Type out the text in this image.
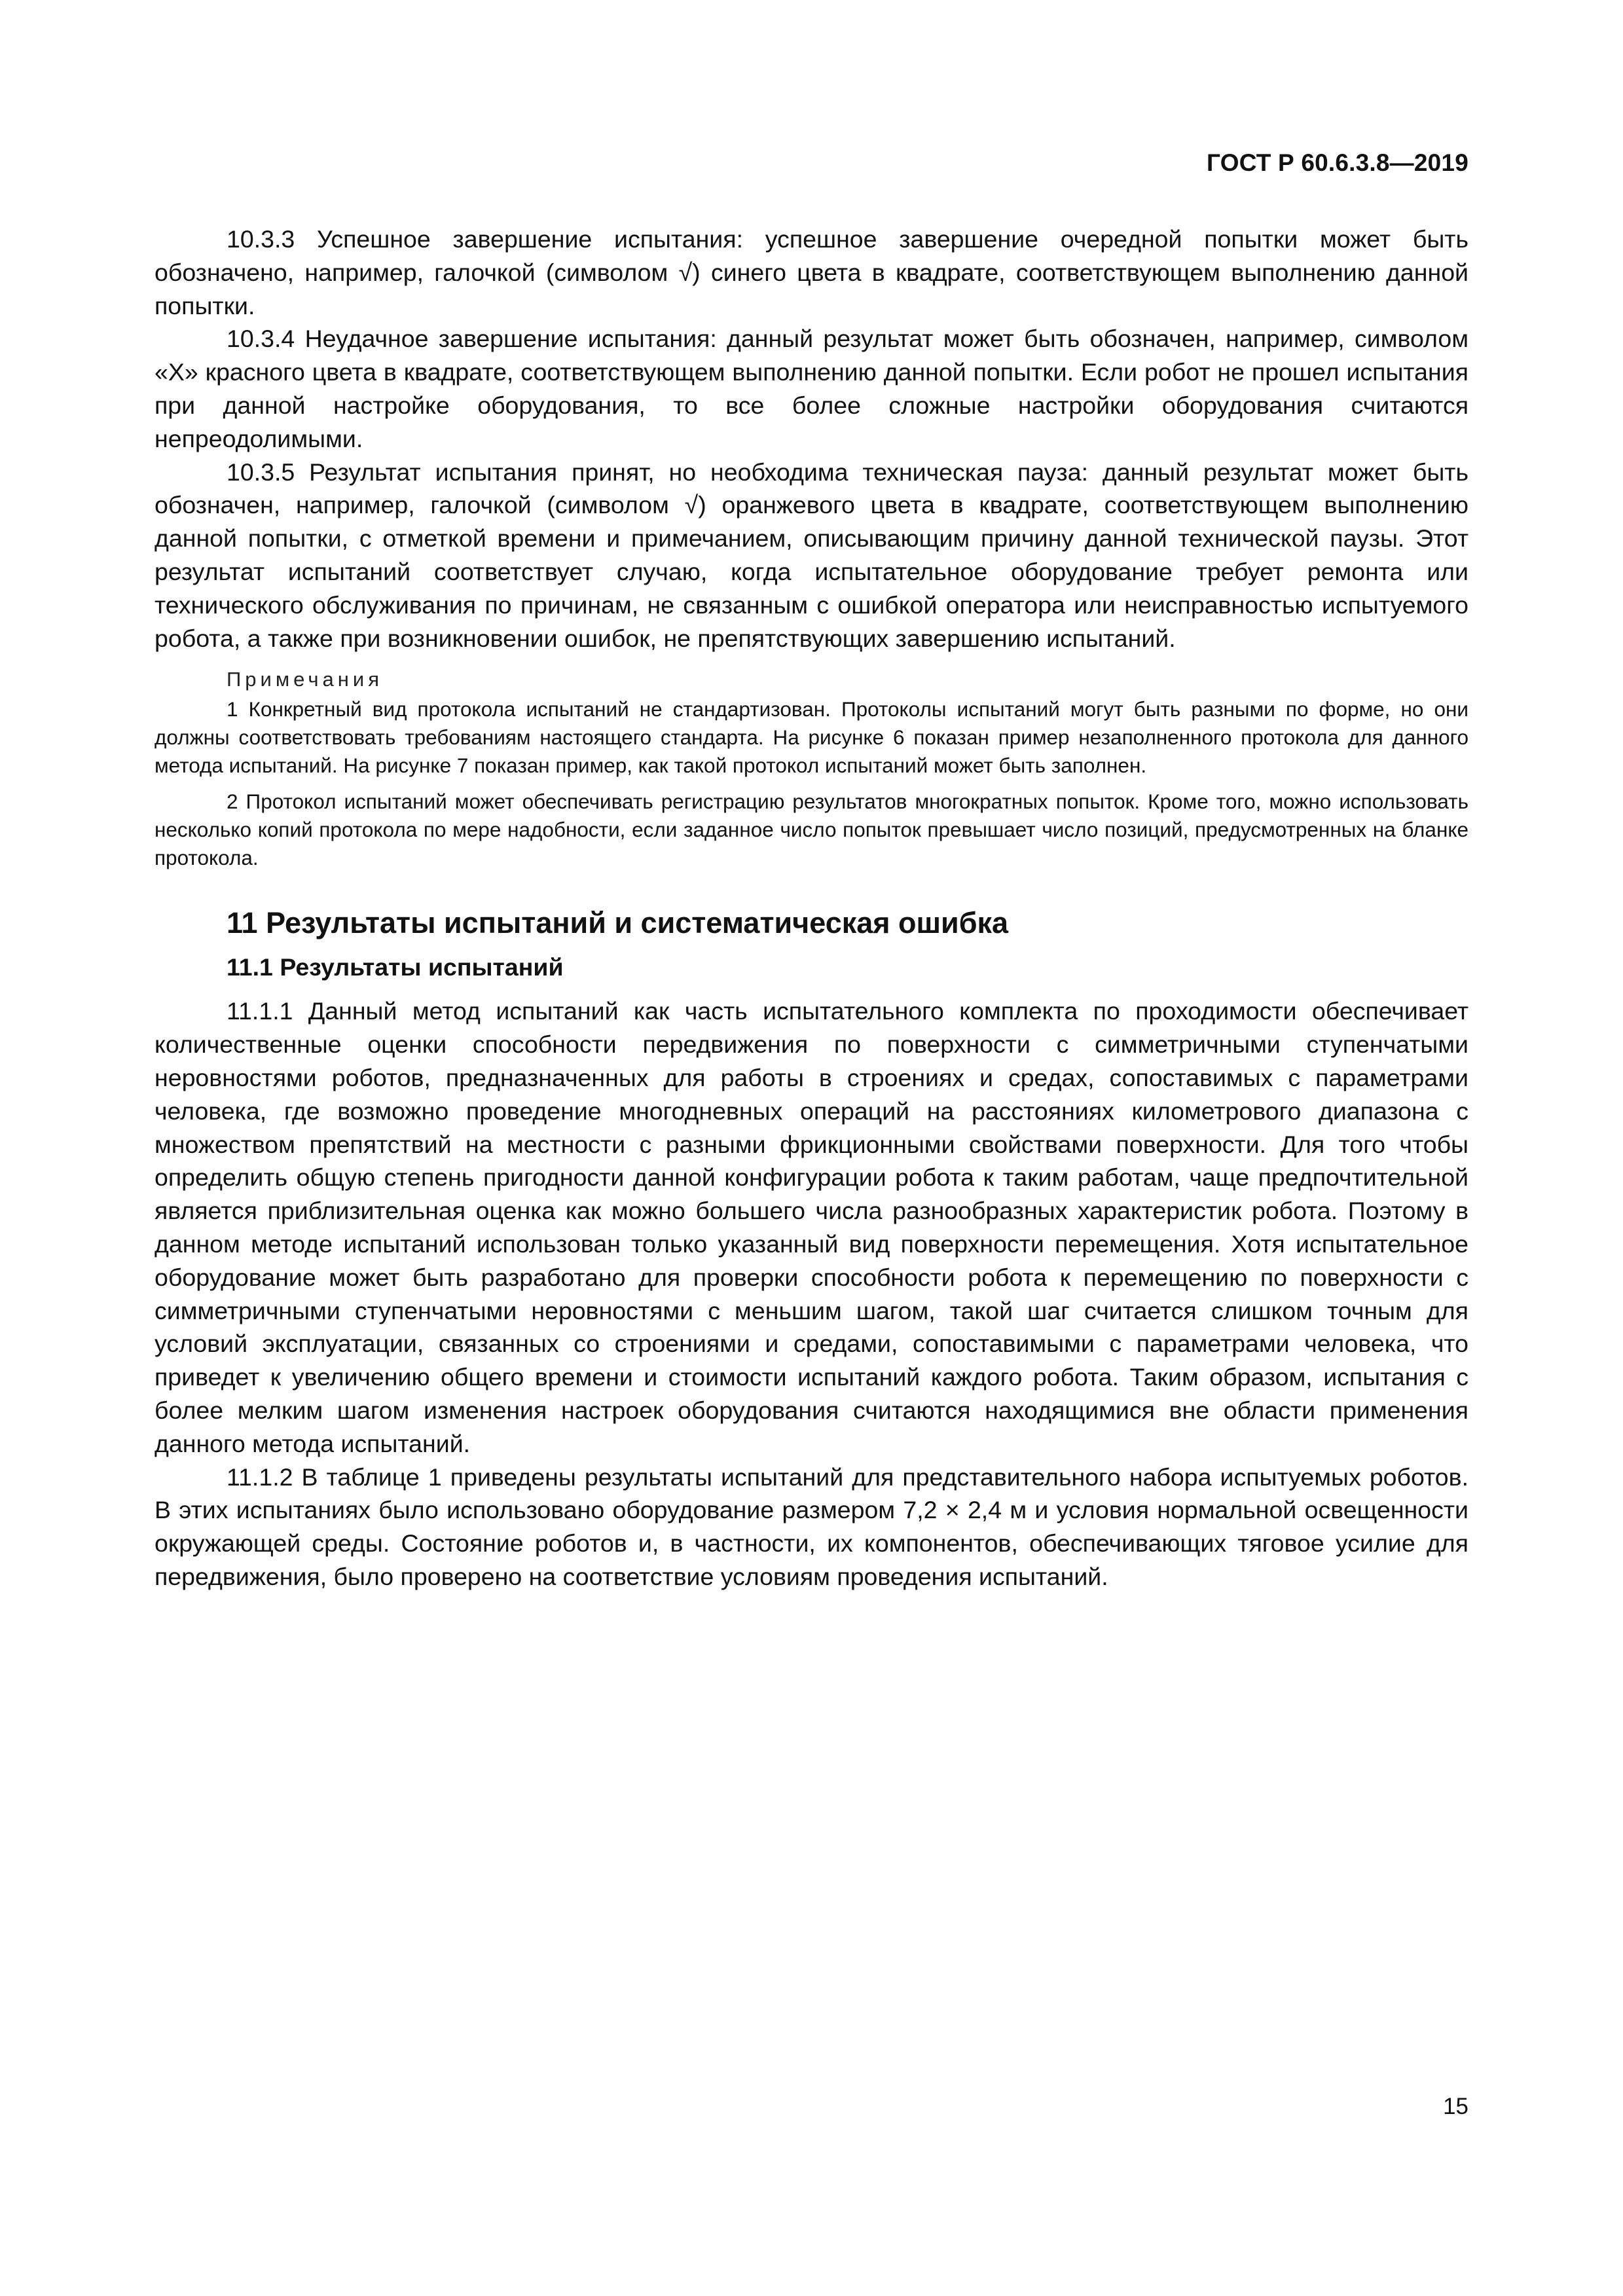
ГОСТ Р 60.6.3.8—2019

10.3.3 Успешное завершение испытания: успешное завершение очередной попытки может быть обозначено, например, галочкой (символом √) синего цвета в квадрате, соответствующем выполнению данной попытки.

10.3.4 Неудачное завершение испытания: данный результат может быть обозначен, например, символом «Х» красного цвета в квадрате, соответствующем выполнению данной попытки. Если робот не прошел испытания при данной настройке оборудования, то все более сложные настройки оборудования считаются непреодолимыми.

10.3.5 Результат испытания принят, но необходима техническая пауза: данный результат может быть обозначен, например, галочкой (символом √) оранжевого цвета в квадрате, соответствующем выполнению данной попытки, с отметкой времени и примечанием, описывающим причину данной технической паузы. Этот результат испытаний соответствует случаю, когда испытательное оборудование требует ремонта или технического обслуживания по причинам, не связанным с ошибкой оператора или неисправностью испытуемого робота, а также при возникновении ошибок, не препятствующих завершению испытаний.

Примечания

1 Конкретный вид протокола испытаний не стандартизован. Протоколы испытаний могут быть разными по форме, но они должны соответствовать требованиям настоящего стандарта. На рисунке 6 показан пример незаполненного протокола для данного метода испытаний. На рисунке 7 показан пример, как такой протокол испытаний может быть заполнен.

2 Протокол испытаний может обеспечивать регистрацию результатов многократных попыток. Кроме того, можно использовать несколько копий протокола по мере надобности, если заданное число попыток превышает число позиций, предусмотренных на бланке протокола.

11 Результаты испытаний и систематическая ошибка
11.1 Результаты испытаний

11.1.1 Данный метод испытаний как часть испытательного комплекта по проходимости обеспечивает количественные оценки способности передвижения по поверхности с симметричными ступенчатыми неровностями роботов, предназначенных для работы в строениях и средах, сопоставимых с параметрами человека, где возможно проведение многодневных операций на расстояниях километрового диапазона с множеством препятствий на местности с разными фрикционными свойствами поверхности. Для того чтобы определить общую степень пригодности данной конфигурации робота к таким работам, чаще предпочтительной является приблизительная оценка как можно большего числа разнообразных характеристик робота. Поэтому в данном методе испытаний использован только указанный вид поверхности перемещения. Хотя испытательное оборудование может быть разработано для проверки способности робота к перемещению по поверхности с симметричными ступенчатыми неровностями с меньшим шагом, такой шаг считается слишком точным для условий эксплуатации, связанных со строениями и средами, сопоставимыми с параметрами человека, что приведет к увеличению общего времени и стоимости испытаний каждого робота. Таким образом, испытания с более мелким шагом изменения настроек оборудования считаются находящимися вне области применения данного метода испытаний.

11.1.2 В таблице 1 приведены результаты испытаний для представительного набора испытуемых роботов. В этих испытаниях было использовано оборудование размером 7,2 × 2,4 м и условия нормальной освещенности окружающей среды. Состояние роботов и, в частности, их компонентов, обеспечивающих тяговое усилие для передвижения, было проверено на соответствие условиям проведения испытаний.

15
